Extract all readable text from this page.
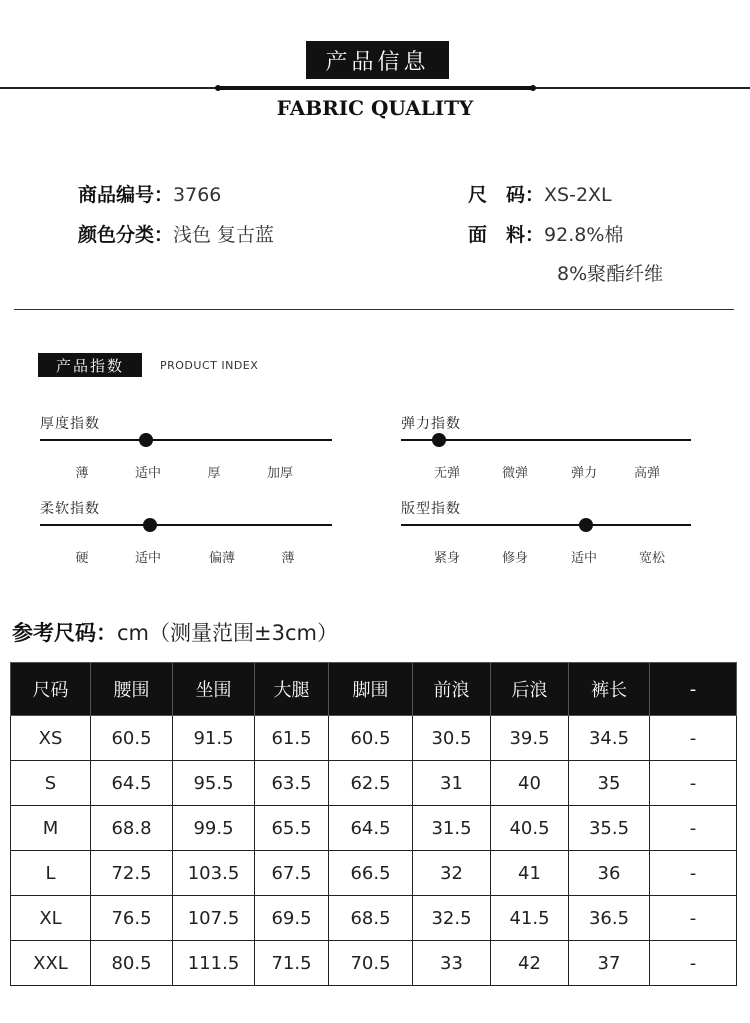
产品信息
FABRIC QUALITY
商品编号：3766
颜色分类：浅色 复古蓝
尺　码：XS-2XL
面　料：92.8%棉
8%聚酯纤维
产品指数	PRODUCT INDEX
厚度指数
薄	适中	厚	加厚
弹力指数
无弹	微弹	弹力	高弹
柔软指数
硬	适中	偏薄	薄
版型指数
紧身	修身	适中	宽松
参考尺码：cm（测量范围±3cm）
尺码	腰围	坐围	大腿	脚围	前浪	后浪	裤长	-
XS	60.5	91.5	61.5	60.5	30.5	39.5	34.5	-
S	64.5	95.5	63.5	62.5	31	40	35	-
M	68.8	99.5	65.5	64.5	31.5	40.5	35.5	-
L	72.5	103.5	67.5	66.5	32	41	36	-
XL	76.5	107.5	69.5	68.5	32.5	41.5	36.5	-
XXL	80.5	111.5	71.5	70.5	33	42	37	-
